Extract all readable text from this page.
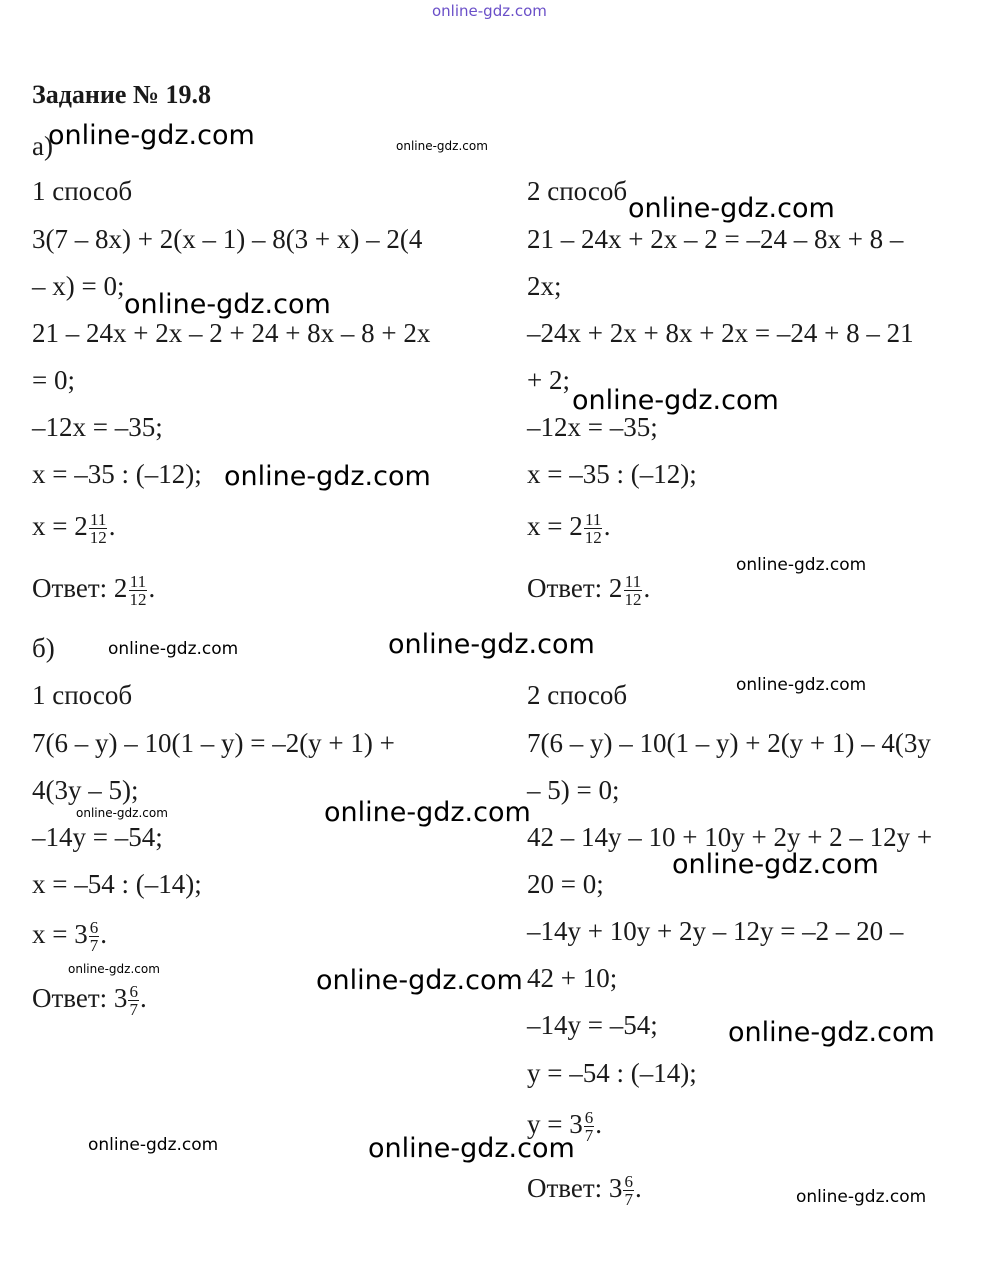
online-gdz.com
Задание № 19.8
а)
1 способ
3(7 – 8x) + 2(x – 1) – 8(3 + x) – 2(4
– x) = 0;
21 – 24x + 2x – 2 + 24 + 8x – 8 + 2x
= 0;
–12x = –35;
x = –35 : (–12);
$x = 2 \frac{11}{12}$ .
Ответ: $2 \frac{11}{12}$ .
2 способ
21 – 24x + 2x – 2 = –24 – 8x + 8 –
2x;
–24x + 2x + 8x + 2x = –24 + 8 – 21
+ 2;
–12x = –35;
x = –35 : (–12);
$x = 2 \frac{11}{12}$ .
Ответ: $2 \frac{11}{12}$ .
б)
1 способ
7(6 – y) – 10(1 – y) = –2(y + 1) +
4(3y – 5);
–14y = –54;
x = –54 : (–14);
$x = 3 \frac{6}{7}$ .
Ответ: $3 \frac{6}{7}$ .
2 способ
7(6 – y) – 10(1 – y) + 2(y + 1) – 4(3y
– 5) = 0;
42 – 14y – 10 + 10y + 2y + 2 – 12y +
20 = 0;
–14y + 10y + 2y – 12y = –2 – 20 –
42 + 10;
–14y = –54;
y = –54 : (–14);
$y = 3 \frac{6}{7}$ .
Ответ: $3 \frac{6}{7}$ .
online-gdz.com	online-gdz.com
online-gdz.com
online-gdz.com
online-gdz.com
online-gdz.com
online-gdz.com
online-gdz.com
online-gdz.com
online-gdz.com
online-gdz.com	online-gdz.com
online-gdz.com
online-gdz.com	online-gdz.com
online-gdz.com
online-gdz.com	online-gdz.com
online-gdz.com
